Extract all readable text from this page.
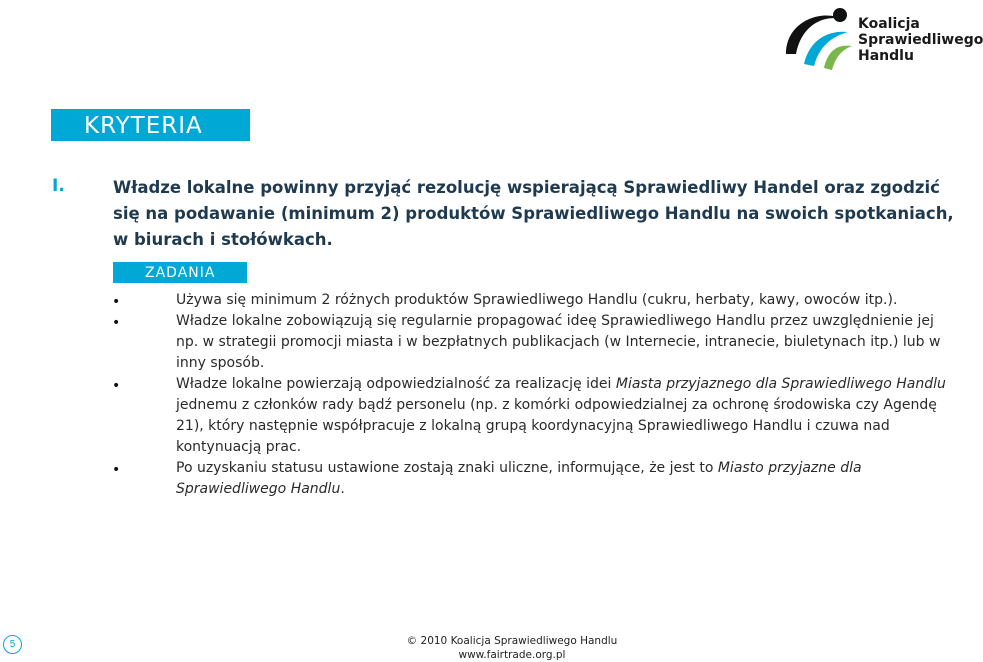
Koalicja
Sprawiedliwego
Handlu
KRYTERIA
I.	Władze lokalne powinny przyjąć rezolucję wspierającą Sprawiedliwy Handel oraz zgodzić się na podawanie (minimum 2) produktów Sprawiedliwego Handlu na swoich spotkaniach, w biurach i stołówkach.
ZADANIA
•	Używa się minimum 2 różnych produktów Sprawiedliwego Handlu (cukru, herbaty, kawy, owoców itp.).
•	Władze lokalne zobowiązują się regularnie propagować ideę Sprawiedliwego Handlu przez uwzględnienie jej np. w strategii promocji miasta i w bezpłatnych publikacjach (w Internecie, intranecie, biuletynach itp.) lub w inny sposób.
•	Władze lokalne powierzają odpowiedzialność za realizację idei Miasta przyjaznego dla Sprawiedliwego Handlu jednemu z członków rady bądź personelu (np. z komórki odpowiedzialnej za ochronę środowiska czy Agendę 21), który następnie współpracuje z lokalną grupą koordynacyjną Sprawiedliwego Handlu i czuwa nad kontynuacją prac.
•	Po uzyskaniu statusu ustawione zostają znaki uliczne, informujące, że jest to Miasto przyjazne dla Sprawiedliwego Handlu.
5	© 2010 Koalicja Sprawiedliwego Handlu
www.fairtrade.org.pl
